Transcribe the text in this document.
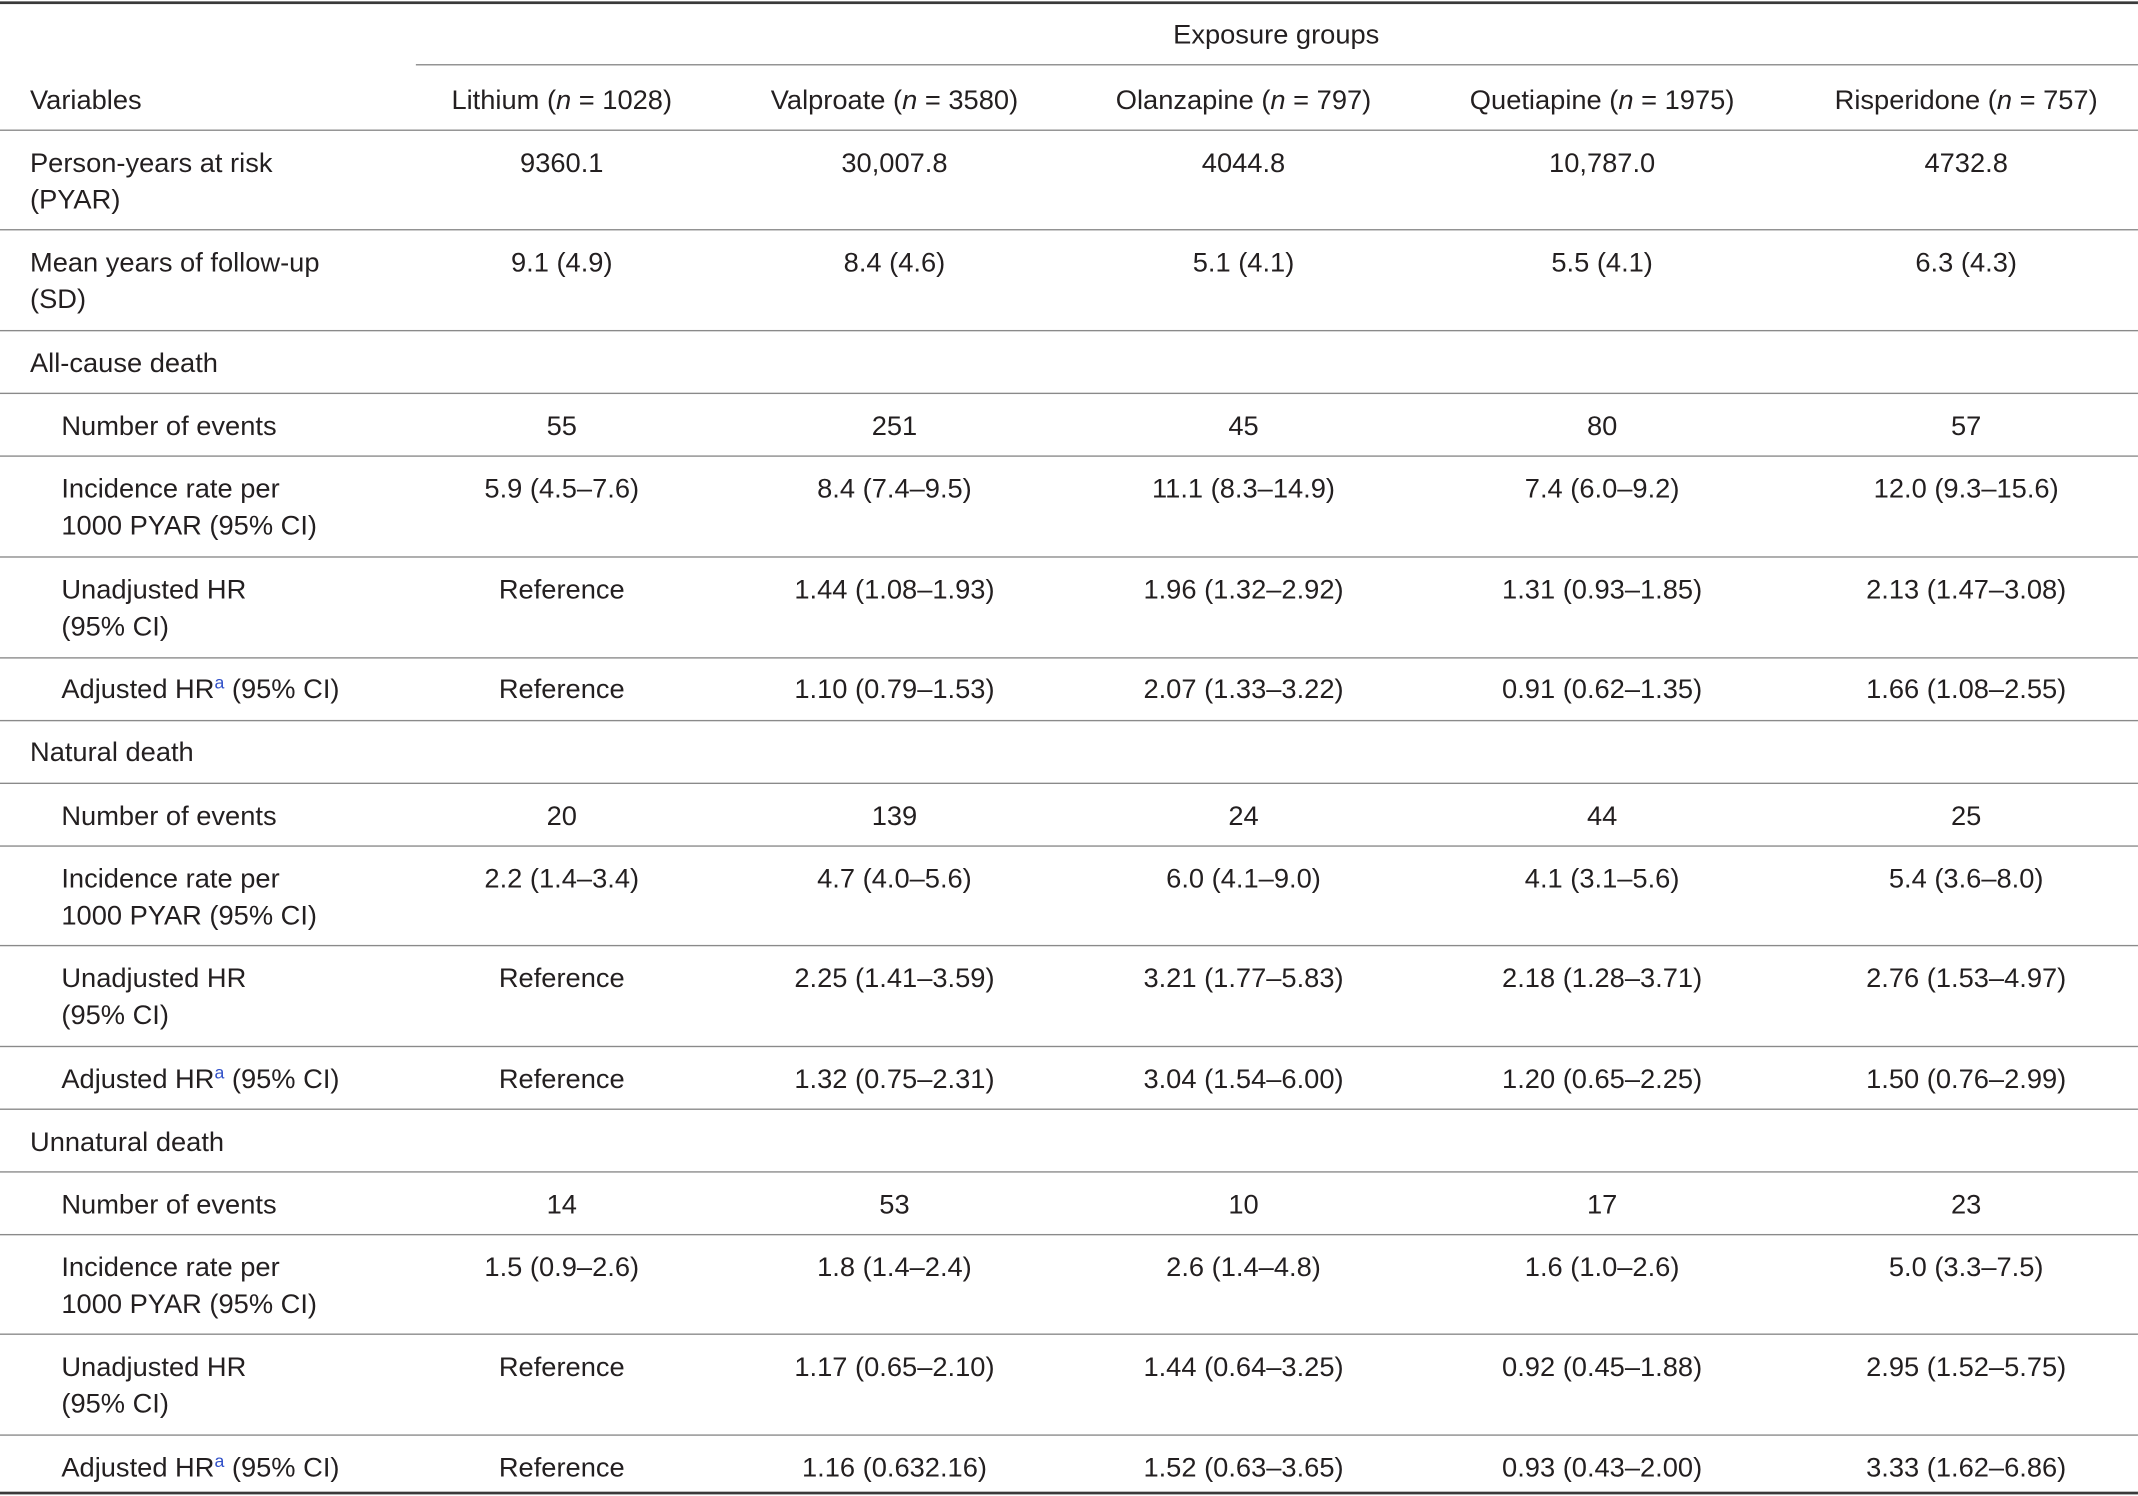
Exposure groups
Variables	Lithium (n = 1028)	Valproate (n = 3580)	Olanzapine (n = 797)	Quetiapine (n = 1975)	Risperidone (n = 757)
Person-years at risk
(PYAR)
9360.1	30,007.8	4044.8	10,787.0	4732.8
Mean years of follow-up
(SD)
9.1 (4.9)	8.4 (4.6)	5.1 (4.1)	5.5 (4.1)	6.3 (4.3)
All-cause death
Number of events	55	251	45	80	57
Incidence rate per
1000 PYAR (95% CI)
5.9 (4.5–7.6)	8.4 (7.4–9.5)	11.1 (8.3–14.9)	7.4 (6.0–9.2)	12.0 (9.3–15.6)
Unadjusted HR
(95% CI)
Reference	1.44 (1.08–1.93)	1.96 (1.32–2.92)	1.31 (0.93–1.85)	2.13 (1.47–3.08)
Adjusted HR$^a$ (95% CI)	Reference	1.10 (0.79–1.53)	2.07 (1.33–3.22)	0.91 (0.62–1.35)	1.66 (1.08–2.55)
Natural death
Number of events	20	139	24	44	25
Incidence rate per
1000 PYAR (95% CI)
2.2 (1.4–3.4)	4.7 (4.0–5.6)	6.0 (4.1–9.0)	4.1 (3.1–5.6)	5.4 (3.6–8.0)
Unadjusted HR
(95% CI)
Reference	2.25 (1.41–3.59)	3.21 (1.77–5.83)	2.18 (1.28–3.71)	2.76 (1.53–4.97)
Adjusted HR$^a$ (95% CI)	Reference	1.32 (0.75–2.31)	3.04 (1.54–6.00)	1.20 (0.65–2.25)	1.50 (0.76–2.99)
Unnatural death
Number of events	14	53	10	17	23
Incidence rate per
1000 PYAR (95% CI)
1.5 (0.9–2.6)	1.8 (1.4–2.4)	2.6 (1.4–4.8)	1.6 (1.0–2.6)	5.0 (3.3–7.5)
Unadjusted HR
(95% CI)
Reference	1.17 (0.65–2.10)	1.44 (0.64–3.25)	0.92 (0.45–1.88)	2.95 (1.52–5.75)
Adjusted HR$^a$ (95% CI)	Reference	1.16 (0.632.16)	1.52 (0.63–3.65)	0.93 (0.43–2.00)	3.33 (1.62–6.86)
